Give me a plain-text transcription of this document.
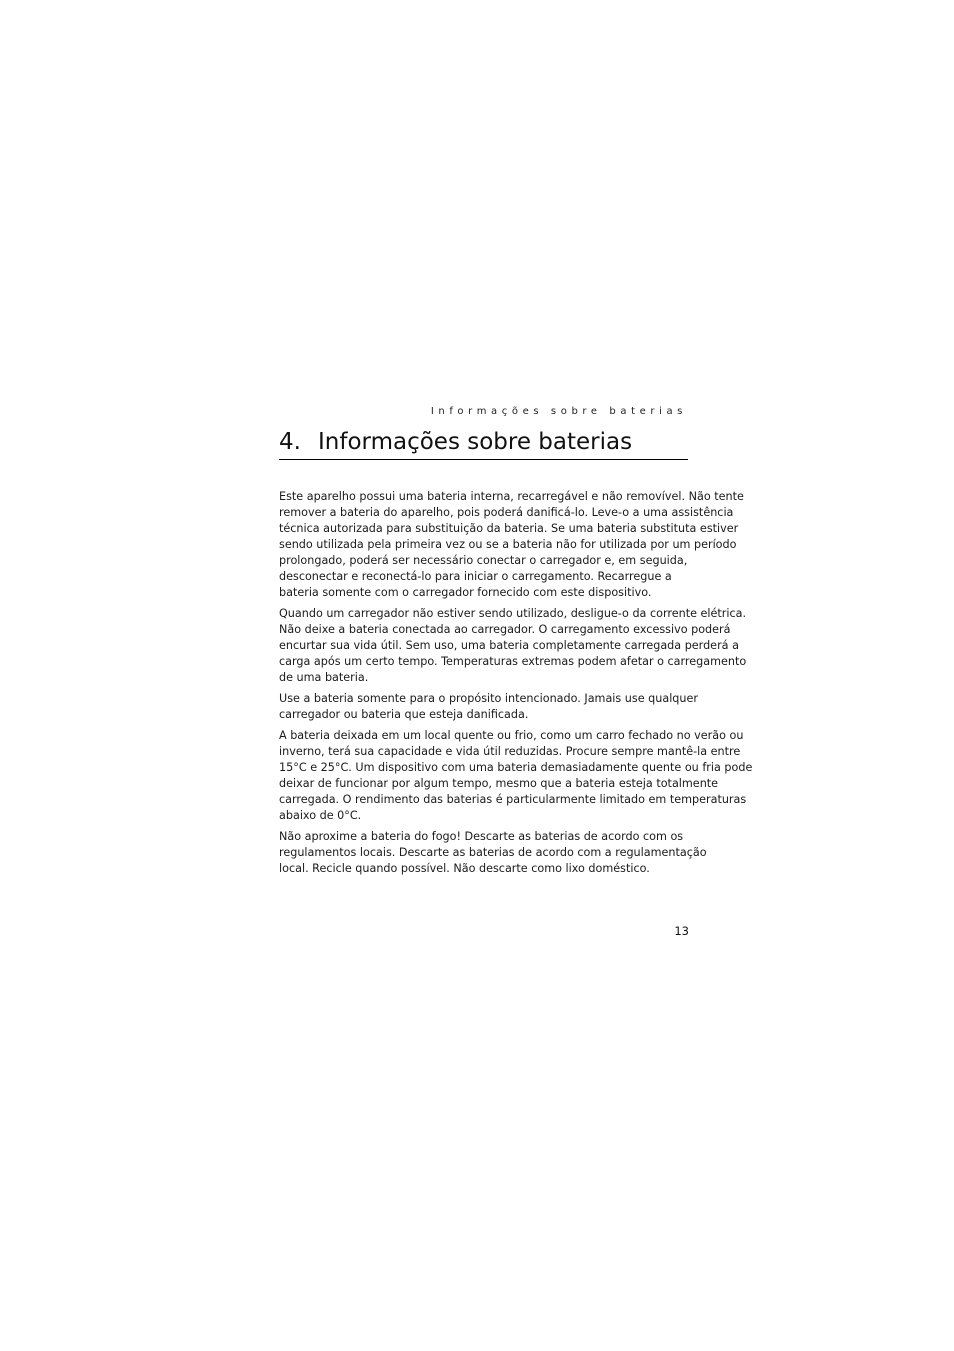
Informações sobre baterias
4. Informações sobre baterias

Este aparelho possui uma bateria interna, recarregável e não removível. Não tente
remover a bateria do aparelho, pois poderá danificá-lo. Leve-o a uma assistência
técnica autorizada para substituição da bateria. Se uma bateria substituta estiver
sendo utilizada pela primeira vez ou se a bateria não for utilizada por um período
prolongado, poderá ser necessário conectar o carregador e, em seguida,
desconectar e reconectá-lo para iniciar o carregamento. Recarregue a
bateria somente com o carregador fornecido com este dispositivo.

Quando um carregador não estiver sendo utilizado, desligue-o da corrente elétrica.
Não deixe a bateria conectada ao carregador. O carregamento excessivo poderá
encurtar sua vida útil. Sem uso, uma bateria completamente carregada perderá a
carga após um certo tempo. Temperaturas extremas podem afetar o carregamento
de uma bateria.

Use a bateria somente para o propósito intencionado. Jamais use qualquer
carregador ou bateria que esteja danificada.

A bateria deixada em um local quente ou frio, como um carro fechado no verão ou
inverno, terá sua capacidade e vida útil reduzidas. Procure sempre mantê-la entre
15°C e 25°C. Um dispositivo com uma bateria demasiadamente quente ou fria pode
deixar de funcionar por algum tempo, mesmo que a bateria esteja totalmente
carregada. O rendimento das baterias é particularmente limitado em temperaturas
abaixo de 0°C.

Não aproxime a bateria do fogo! Descarte as baterias de acordo com os
regulamentos locais. Descarte as baterias de acordo com a regulamentação
local. Recicle quando possível. Não descarte como lixo doméstico.

13
